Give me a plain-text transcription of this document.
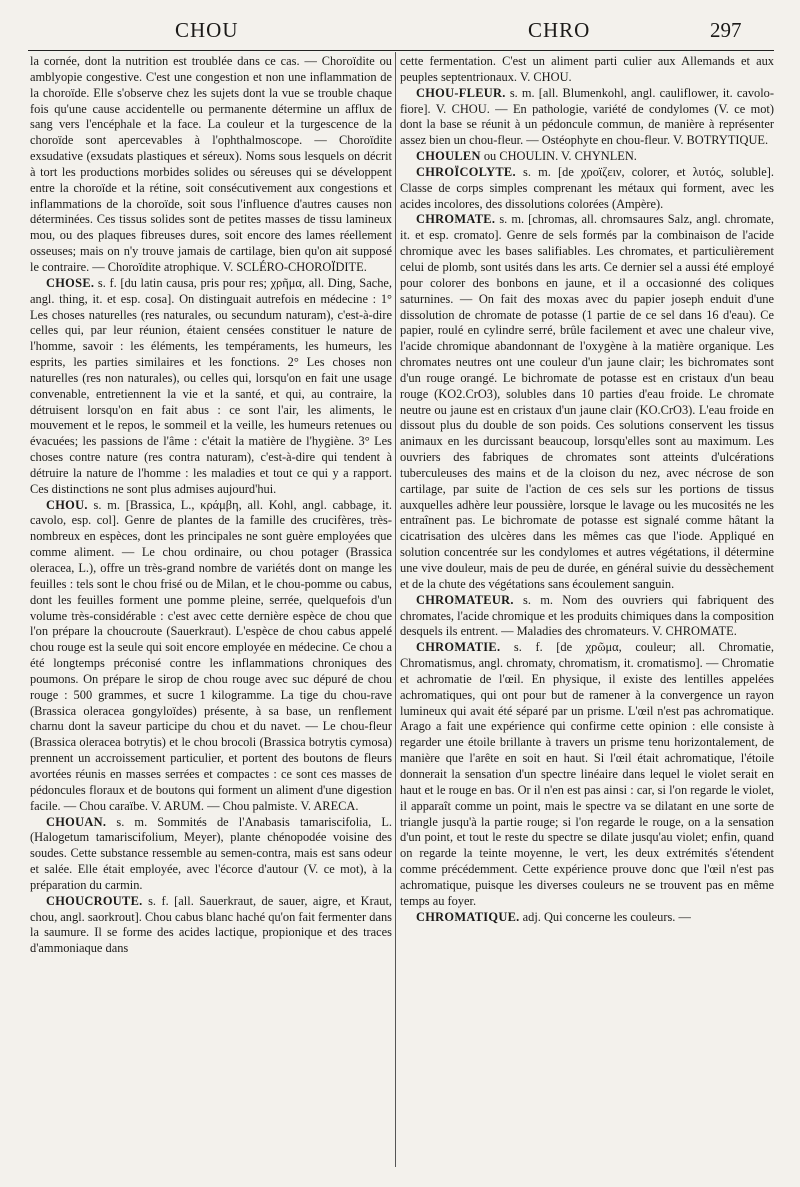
CHOU	CHRO	297

la cornée, dont la nutrition est troublée dans ce cas. — Choroïdite ou amblyopie congestive. C'est une congestion et non une inflammation de la choroïde. Elle s'observe chez les sujets dont la vue se trouble chaque fois qu'une cause accidentelle ou permanente détermine un afflux de sang vers l'encéphale et la face. La couleur et la turgescence de la choroïde sont apercevables à l'ophthalmoscope. — Choroïdite exsudative (exsudats plastiques et séreux). Noms sous lesquels on décrit à tort les productions morbides solides ou séreuses qui se développent entre la choroïde et la rétine, soit consécutivement aux congestions et inflammations de la choroïde, soit sous l'influence d'autres causes non déterminées. Ces tissus solides sont de petites masses de tissu lamineux mou, ou des plaques fibreuses dures, soit encore des lames réellement osseuses; mais on n'y trouve jamais de cartilage, bien qu'on ait supposé le contraire. — Choroïdite atrophique. V. SCLÉRO-CHOROÏDITE.

CHOSE. s. f. [du latin causa, pris pour res; χρῆμα, all. Ding, Sache, angl. thing, it. et esp. cosa]. On distinguait autrefois en médecine : 1° Les choses naturelles (res naturales, ou secundum naturam), c'est-à-dire celles qui, par leur réunion, étaient censées constituer le nature de l'homme, savoir : les éléments, les tempéraments, les humeurs, les esprits, les parties similaires et les fonctions. 2° Les choses non naturelles (res non naturales), ou celles qui, lorsqu'on en fait une usage convenable, entretiennent la vie et la santé, et qui, au contraire, la détruisent lorsqu'on en fait abus : ce sont l'air, les aliments, le mouvement et le repos, le sommeil et la veille, les humeurs retenues ou évacuées; les passions de l'âme : c'était la matière de l'hygiène. 3° Les choses contre nature (res contra naturam), c'est-à-dire qui tendent à détruire la nature de l'homme : les maladies et tout ce qui y a rapport. Ces distinctions ne sont plus admises aujourd'hui.

CHOU. s. m. [Brassica, L., κράμβη, all. Kohl, angl. cabbage, it. cavolo, esp. col]. Genre de plantes de la famille des crucifères, très-nombreux en espèces, dont les principales ne sont guère employées que comme aliment. — Le chou ordinaire, ou chou potager (Brassica oleracea, L.), offre un très-grand nombre de variétés dont on mange les feuilles : tels sont le chou frisé ou de Milan, et le chou-pomme ou cabus, dont les feuilles forment une pomme pleine, serrée, quelquefois d'un volume très-considérable : c'est avec cette dernière espèce de chou que l'on prépare la choucroute (Sauerkraut). L'espèce de chou cabus appelé chou rouge est la seule qui soit encore employée en médecine. Ce chou a été longtemps préconisé contre les inflammations chroniques des poumons. On prépare le sirop de chou rouge avec suc dépuré de chou rouge : 500 grammes, et sucre 1 kilogramme. La tige du chou-rave (Brassica oleracea gongyloïdes) présente, à sa base, un renflement charnu dont la saveur participe du chou et du navet. — Le chou-fleur (Brassica oleracea botrytis) et le chou brocoli (Brassica botrytis cymosa) prennent un accroissement particulier, et portent des boutons de fleurs avortées réunis en masses serrées et compactes : ce sont ces masses de pédoncules floraux et de boutons qui forment un aliment d'une digestion facile. — Chou caraïbe. V. ARUM. — Chou palmiste. V. ARECA.

CHOUAN. s. m. Sommités de l'Anabasis tamariscifolia, L. (Halogetum tamariscifolium, Meyer), plante chénopodée voisine des soudes. Cette substance ressemble au semen-contra, mais est sans odeur et salée. Elle était employée, avec l'écorce d'autour (V. ce mot), à la préparation du carmin.

CHOUCROUTE. s. f. [all. Sauerkraut, de sauer, aigre, et Kraut, chou, angl. saorkrout]. Chou cabus blanc haché qu'on fait fermenter dans la saumure. Il se forme des acides lactique, propionique et des traces d'ammoniaque dans

cette fermentation. C'est un aliment parti culier aux Allemands et aux peuples septentrionaux. V. CHOU.

CHOU-FLEUR. s. m. [all. Blumenkohl, angl. cauliflower, it. cavolo-fiore]. V. CHOU. — En pathologie, variété de condylomes (V. ce mot) dont la base se réunit à un pédoncule commun, de manière à représenter assez bien un chou-fleur. — Ostéophyte en chou-fleur. V. BOTRYTIQUE.

CHOULEN ou CHOULIN. V. CHYNLEN.

CHROÏCOLYTE. s. m. [de χροϊζειν, colorer, et λυτός, soluble]. Classe de corps simples comprenant les métaux qui forment, avec les acides incolores, des dissolutions colorées (Ampère).

CHROMATE. s. m. [chromas, all. chromsaures Salz, angl. chromate, it. et esp. cromato]. Genre de sels formés par la combinaison de l'acide chromique avec les bases salifiables. Les chromates, et particulièrement celui de plomb, sont usités dans les arts. Ce dernier sel a aussi été employé pour colorer des bonbons en jaune, et il a occasionné des coliques saturnines. — On fait des moxas avec du papier joseph enduit d'une dissolution de chromate de potasse (1 partie de ce sel dans 16 d'eau). Ce papier, roulé en cylindre serré, brûle facilement et avec une chaleur vive, l'acide chromique abandonnant de l'oxygène à la matière organique. Les chromates neutres ont une couleur d'un jaune clair; les bichromates sont d'un rouge orangé. Le bichromate de potasse est en cristaux d'un beau rouge (KO2.CrO3), solubles dans 10 parties d'eau froide. Le chromate neutre ou jaune est en cristaux d'un jaune clair (KO.CrO3). L'eau froide en dissout plus du double de son poids. Ces solutions conservent les tissus animaux en les durcissant beaucoup, lorsqu'elles sont au maximum. Les ouvriers des fabriques de chromates sont atteints d'ulcérations tuberculeuses des mains et de la cloison du nez, avec nécrose de son cartilage, par suite de l'action de ces sels sur les portions de tissus auxquelles adhère leur poussière, lorsque le lavage ou les mucosités ne les entraînent pas. Le bichromate de potasse est signalé comme hâtant la cicatrisation des ulcères dans les mêmes cas que l'iode. Appliqué en solution concentrée sur les condylomes et autres végétations, il détermine une vive douleur, mais de peu de durée, en général suivie du dessèchement et de la chute des végétations sans écoulement sanguin.

CHROMATEUR. s. m. Nom des ouvriers qui fabriquent des chromates, l'acide chromique et les produits chimiques dans la composition desquels ils entrent. — Maladies des chromateurs. V. CHROMATE.

CHROMATIE. s. f. [de χρῶμα, couleur; all. Chromatie, Chromatismus, angl. chromaty, chromatism, it. cromatismo]. — Chromatie et achromatie de l'œil. En physique, il existe des lentilles appelées achromatiques, qui ont pour but de ramener à la convergence un rayon lumineux qui avait été séparé par un prisme. L'œil n'est pas achromatique. Arago a fait une expérience qui confirme cette opinion : elle consiste à regarder une étoile brillante à travers un prisme tenu horizontalement, de manière que l'arête en soit en haut. Si l'œil était achromatique, l'étoile donnerait la sensation d'un spectre linéaire dans lequel le violet serait en haut et le rouge en bas. Or il n'en est pas ainsi : car, si l'on regarde le violet, il apparaît comme un point, mais le spectre va se dilatant en une sorte de triangle jusqu'à la partie rouge; si l'on regarde le rouge, on a la sensation d'un point, et tout le reste du spectre se dilate jusqu'au violet; enfin, quand on regarde la teinte moyenne, le vert, les deux extrémités s'étendent comme précédemment. Cette expérience prouve donc que l'œil n'est pas achromatique, puisque les diverses couleurs ne se trouvent pas en même temps au foyer.

CHROMATIQUE. adj. Qui concerne les couleurs. —
